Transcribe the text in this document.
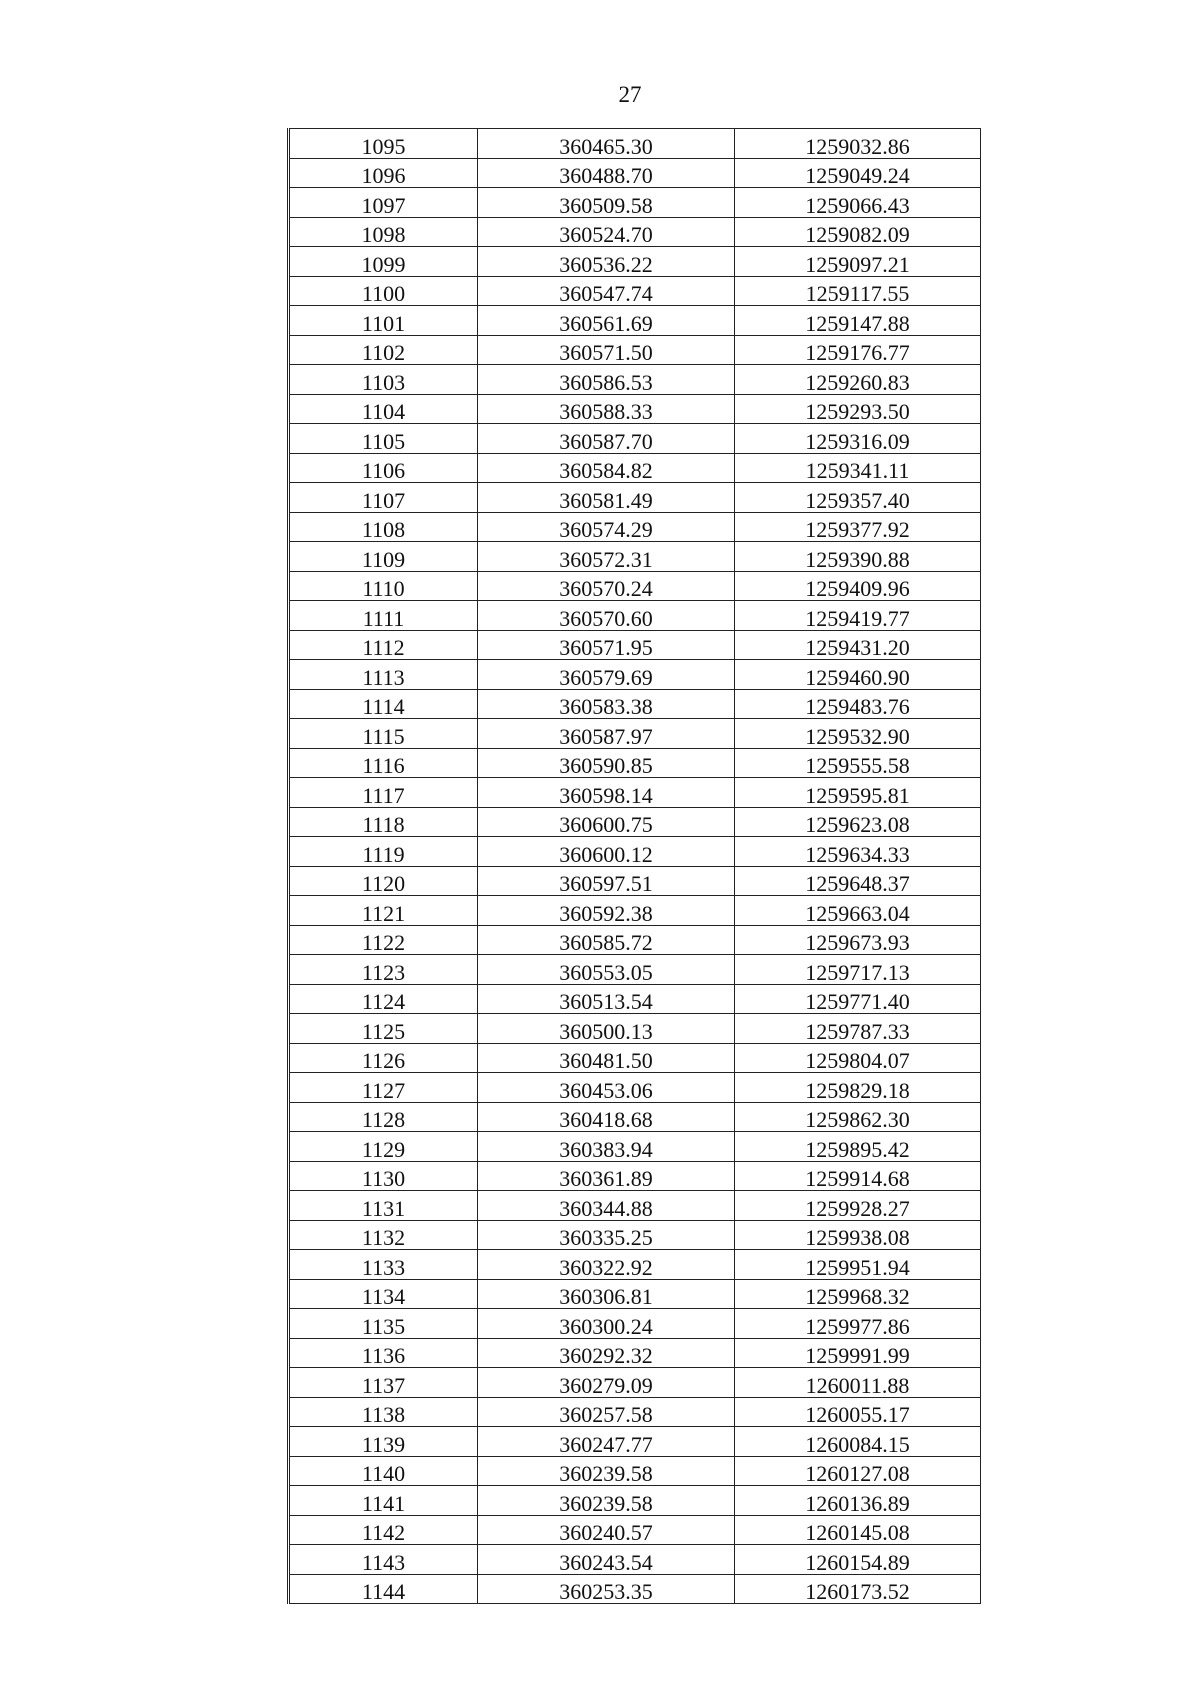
27
1095	360465.30	1259032.86
1096	360488.70	1259049.24
1097	360509.58	1259066.43
1098	360524.70	1259082.09
1099	360536.22	1259097.21
1100	360547.74	1259117.55
1101	360561.69	1259147.88
1102	360571.50	1259176.77
1103	360586.53	1259260.83
1104	360588.33	1259293.50
1105	360587.70	1259316.09
1106	360584.82	1259341.11
1107	360581.49	1259357.40
1108	360574.29	1259377.92
1109	360572.31	1259390.88
1110	360570.24	1259409.96
1111	360570.60	1259419.77
1112	360571.95	1259431.20
1113	360579.69	1259460.90
1114	360583.38	1259483.76
1115	360587.97	1259532.90
1116	360590.85	1259555.58
1117	360598.14	1259595.81
1118	360600.75	1259623.08
1119	360600.12	1259634.33
1120	360597.51	1259648.37
1121	360592.38	1259663.04
1122	360585.72	1259673.93
1123	360553.05	1259717.13
1124	360513.54	1259771.40
1125	360500.13	1259787.33
1126	360481.50	1259804.07
1127	360453.06	1259829.18
1128	360418.68	1259862.30
1129	360383.94	1259895.42
1130	360361.89	1259914.68
1131	360344.88	1259928.27
1132	360335.25	1259938.08
1133	360322.92	1259951.94
1134	360306.81	1259968.32
1135	360300.24	1259977.86
1136	360292.32	1259991.99
1137	360279.09	1260011.88
1138	360257.58	1260055.17
1139	360247.77	1260084.15
1140	360239.58	1260127.08
1141	360239.58	1260136.89
1142	360240.57	1260145.08
1143	360243.54	1260154.89
1144	360253.35	1260173.52
